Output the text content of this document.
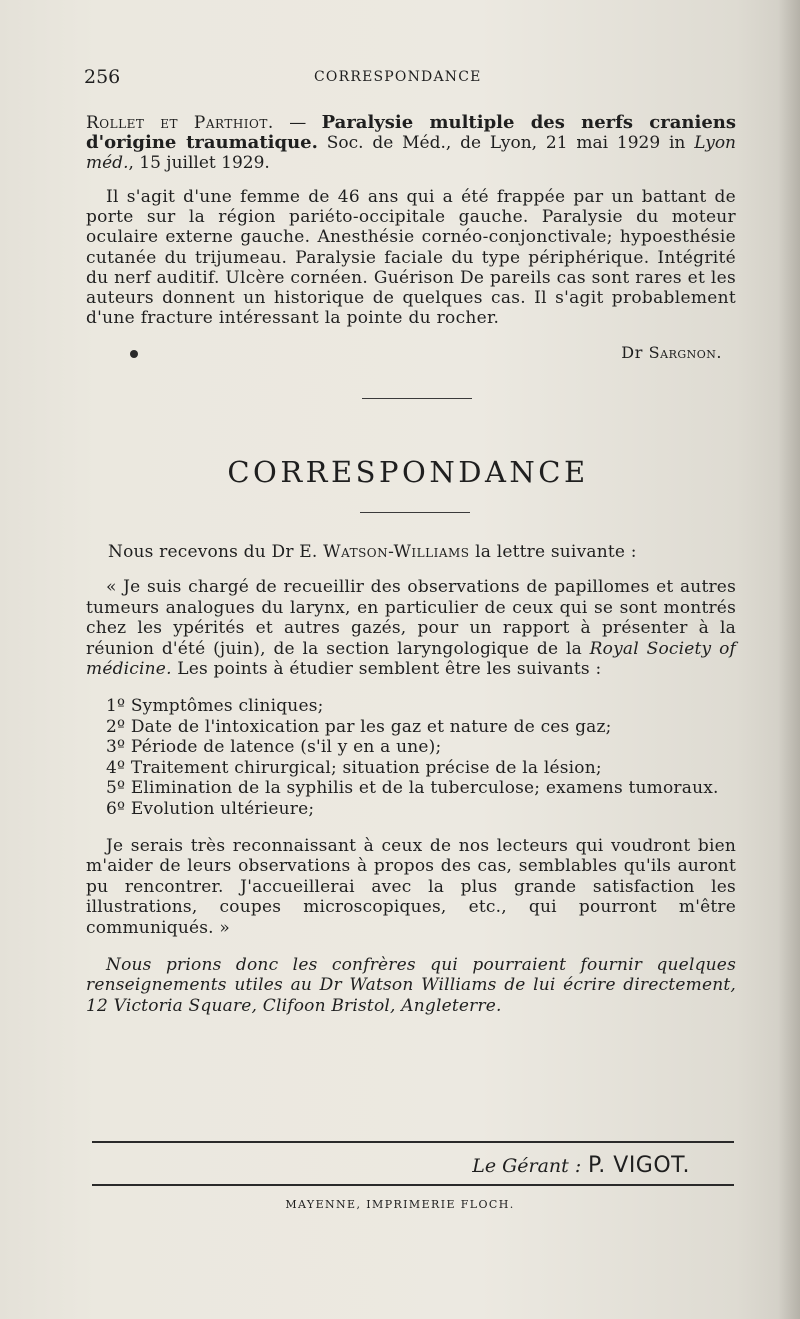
256	CORRESPONDANCE

Rollet et Parthiot. — Paralysie multiple des nerfs craniens d'origine traumatique. Soc. de Méd., de Lyon, 21 mai 1929 in Lyon méd., 15 juillet 1929.

Il s'agit d'une femme de 46 ans qui a été frappée par un battant de porte sur la région pariéto-occipitale gauche. Paralysie du moteur oculaire externe gauche. Anesthésie cornéo-conjonctivale; hypoesthésie cutanée du trijumeau. Paralysie faciale du type périphérique. Intégrité du nerf auditif. Ulcère cornéen. Guérison De pareils cas sont rares et les auteurs donnent un historique de quelques cas. Il s'agit probablement d'une fracture intéressant la pointe du rocher.

Dr Sargnon.
CORRESPONDANCE

Nous recevons du Dr E. Watson-Williams la lettre suivante :

« Je suis chargé de recueillir des observations de papillomes et autres tumeurs analogues du larynx, en particulier de ceux qui se sont montrés chez les ypérités et autres gazés, pour un rapport à présenter à la réunion d'été (juin), de la section laryngologique de la Royal Society of médicine. Les points à étudier semblent être les suivants :

1º Symptômes cliniques;
2º Date de l'intoxication par les gaz et nature de ces gaz;
3º Période de latence (s'il y en a une);
4º Traitement chirurgical; situation précise de la lésion;
5º Elimination de la syphilis et de la tuberculose; examens tumoraux.
6º Evolution ultérieure;

Je serais très reconnaissant à ceux de nos lecteurs qui voudront bien m'aider de leurs observations à propos des cas, semblables qu'ils auront pu rencontrer. J'accueillerai avec la plus grande satisfaction les illustrations, coupes microscopiques, etc., qui pourront m'être communiqués. »

Nous prions donc les confrères qui pourraient fournir quelques renseignements utiles au Dr Watson Williams de lui écrire directement, 12 Victoria Square, Clifoon Bristol, Angleterre.

Le Gérant : P. VIGOT.
MAYENNE, IMPRIMERIE FLOCH.
